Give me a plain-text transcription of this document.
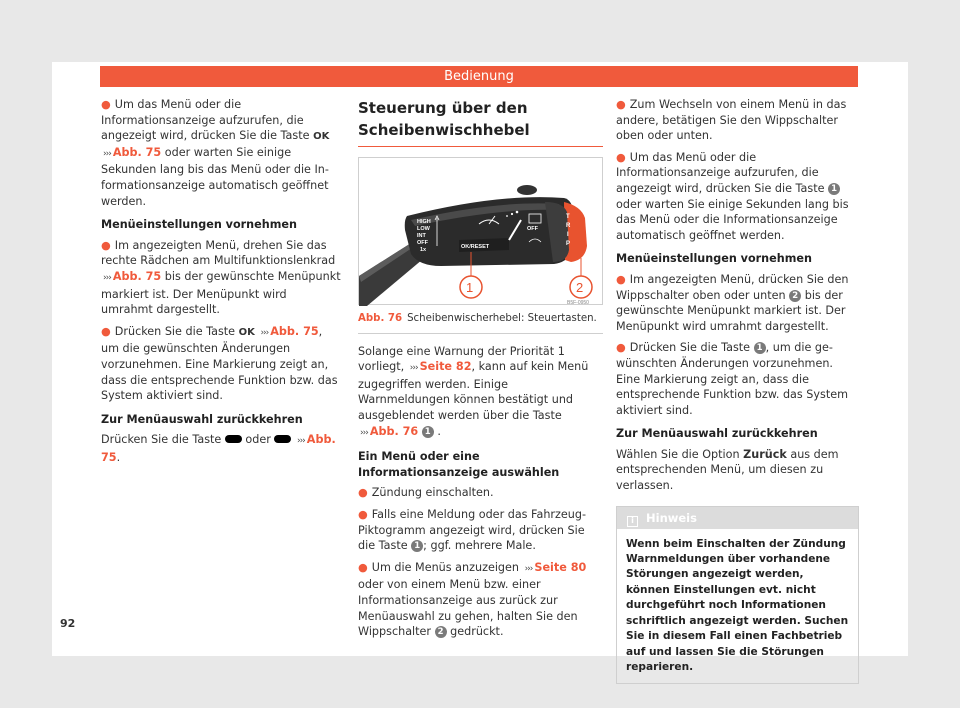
Bedienung

● Um das Menü oder die Informationsanzeige aufzurufen, die angezeigt wird, drücken Sie die Taste OK ››› Abb. 75 oder warten Sie einige Sekunden lang bis das Menü oder die Informationsanzeige automatisch geöffnet werden.

Menüeinstellungen vornehmen

● Im angezeigten Menü, drehen Sie das rechte Rädchen am Multifunktionslenkrad ››› Abb. 75 bis der gewünschte Menüpunkt markiert ist. Der Menüpunkt wird umrahmt dargestellt.

● Drücken Sie die Taste OK ››› Abb. 75, um die gewünschten Änderungen vorzunehmen. Eine Markierung zeigt an, dass die entsprechende Funktion bzw. das System aktiviert sind.

Zur Menüauswahl zurückkehren

Drücken Sie die Taste oder	››› Abb. 75.

Steuerung über den Scheibenwischhebel
HIGH
LOW
INT
OFF
1x	OK/RESET
OFF
T
R
I
P
1	2
B5F-0950
Abb. 76 Scheibenwischerhebel: Steuertasten.

Solange eine Warnung der Priorität 1 vorliegt, ››› Seite 82, kann auf kein Menü zugegriffen werden. Einige Warnmeldungen können bestätigt und ausgeblendet werden über die Taste ››› Abb. 76 1 .

Ein Menü oder eine Informationsanzeige auswählen

● Zündung einschalten.

● Falls eine Meldung oder das Fahrzeug-Piktogramm angezeigt wird, drücken Sie die Taste 1 ; ggf. mehrere Male.

● Um die Menüs anzuzeigen ››› Seite 80 oder von einem Menü bzw. einer Informationsanzeige aus zurück zur Menüauswahl zu gehen, halten Sie den Wippschalter 2 gedrückt.

● Zum Wechseln von einem Menü in das andere, betätigen Sie den Wippschalter oben oder unten.

● Um das Menü oder die Informationsanzeige aufzurufen, die angezeigt wird, drücken Sie die Taste 1 oder warten Sie einige Sekunden lang bis das Menü oder die Informationsanzeige automatisch geöffnet werden.

Menüeinstellungen vornehmen

● Im angezeigten Menü, drücken Sie den Wippschalter oben oder unten 2 bis der gewünschte Menüpunkt markiert ist. Der Menüpunkt wird umrahmt dargestellt.

● Drücken Sie die Taste 1 , um die gewünschten Änderungen vorzunehmen. Eine Markierung zeigt an, dass die entsprechende Funktion bzw. das System aktiviert sind.

Zur Menüauswahl zurückkehren

Wählen Sie die Option Zurück aus dem entsprechenden Menü, um diesen zu verlassen.

i Hinweis
Wenn beim Einschalten der Zündung Warnmeldungen über vorhandene Störungen angezeigt werden, können Einstellungen evt. nicht durchgeführt noch Informationen schriftlich angezeigt werden. Suchen Sie in diesem Fall einen Fachbetrieb auf und lassen Sie die Störungen reparieren.
92
